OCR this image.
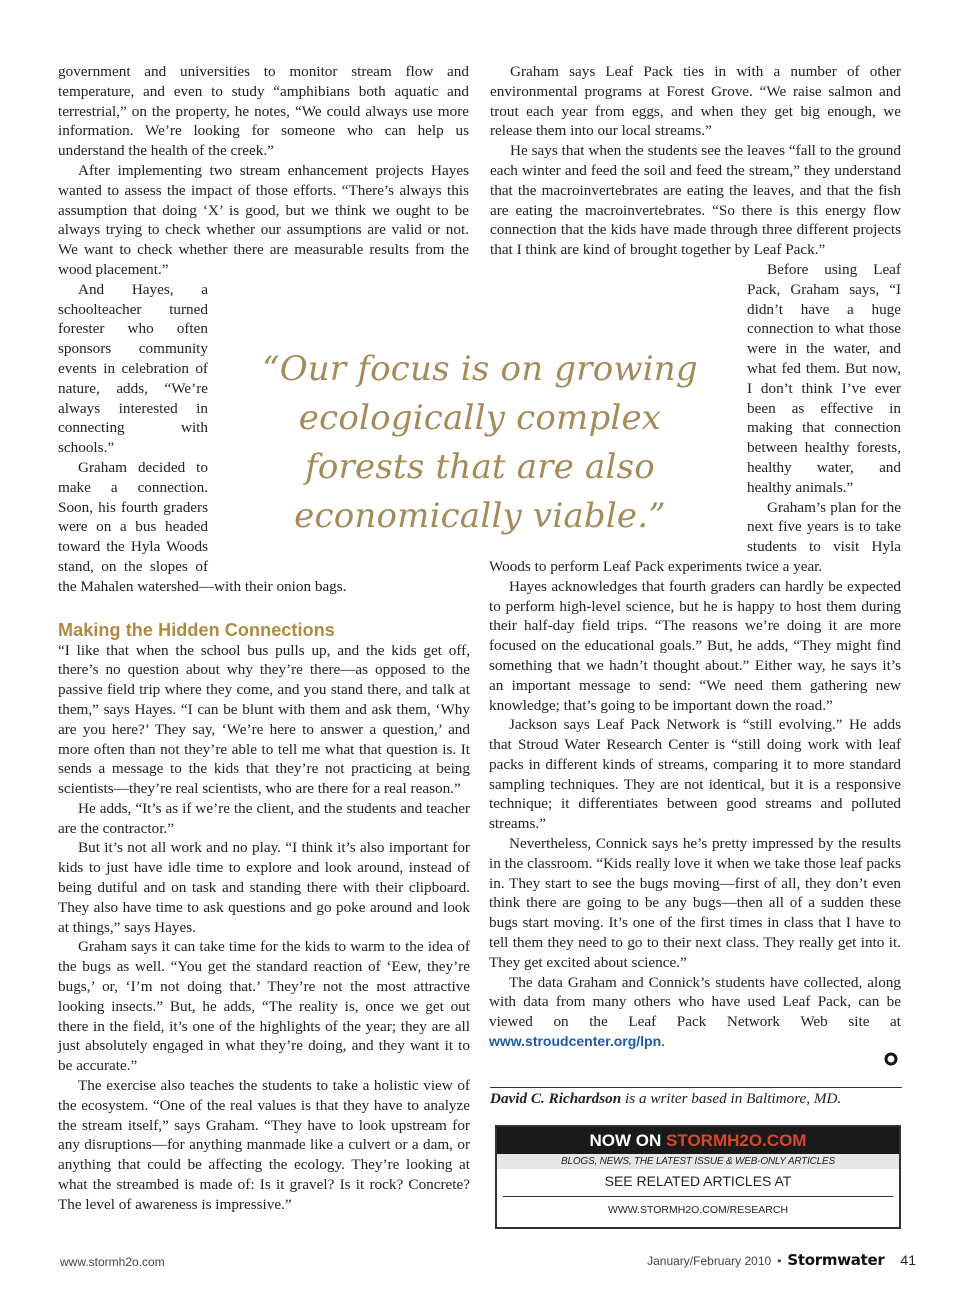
government and universities to monitor stream flow and temperature, and even to study “amphibians both aquatic and terrestrial,” on the property, he notes, “We could always use more information. We’re looking for someone who can help us understand the health of the creek.”

After implementing two stream enhancement projects Hayes wanted to assess the impact of those efforts. “There’s always this assumption that doing ‘X’ is good, but we think we ought to be always trying to check whether our assumptions are valid or not. We want to check whether there are measurable results from the wood placement.”

And Hayes, a schoolteacher turned forester who often sponsors community events in celebration of nature, adds, “We’re always interested in connecting with schools.”

Graham decided to make a connection. Soon, his fourth graders were on a bus headed toward the Hyla Woods stand, on the slopes of the Mahalen watershed—with their onion bags.

Making the Hidden Connections

“I like that when the school bus pulls up, and the kids get off, there’s no question about why they’re there—as opposed to the passive field trip where they come, and you stand there, and talk at them,” says Hayes. “I can be blunt with them and ask them, ‘Why are you here?’ They say, ‘We’re here to answer a question,’ and more often than not they’re able to tell me what that question is. It sends a message to the kids that they’re not practicing at being scientists—they’re real scientists, who are there for a real reason.”

He adds, “It’s as if we’re the client, and the students and teacher are the contractor.”

But it’s not all work and no play. “I think it’s also important for kids to just have idle time to explore and look around, instead of being dutiful and on task and standing there with their clipboard. They also have time to ask questions and go poke around and look at things,” says Hayes.

Graham says it can take time for the kids to warm to the idea of the bugs as well. “You get the standard reaction of ‘Eew, they’re bugs,’ or, ‘I’m not doing that.’ They’re not the most attractive looking insects.” But, he adds, “The reality is, once we get out there in the field, it’s one of the highlights of the year; they are all just absolutely engaged in what they’re doing, and they want it to be accurate.”

The exercise also teaches the students to take a holistic view of the ecosystem. “One of the real values is that they have to analyze the stream itself,” says Graham. “They have to look upstream for any disruptions—for anything manmade like a culvert or a dam, or anything that could be affecting the ecology. They’re looking at what the streambed is made of: Is it gravel? Is it rock? Concrete? The level of awareness is impressive.”

Graham says Leaf Pack ties in with a number of other environmental programs at Forest Grove. “We raise salmon and trout each year from eggs, and when they get big enough, we release them into our local streams.”

He says that when the students see the leaves “fall to the ground each winter and feed the soil and feed the stream,” they understand that the macroinvertebrates are eating the leaves, and that the fish are eating the macroinvertebrates. “So there is this energy flow connection that the kids have made through three different projects that I think are kind of brought together by Leaf Pack.”

Before using Leaf Pack, Graham says, “I didn’t have a huge connection to what those were in the water, and what fed them. But now, I don’t think I’ve ever been as effective in making that connection between healthy forests, healthy water, and healthy animals.”

Graham’s plan for the next five years is to take students to visit Hyla Woods to perform Leaf Pack experiments twice a year.

Hayes acknowledges that fourth graders can hardly be expected to perform high-level science, but he is happy to host them during their half-day field trips. “The reasons we’re doing it are more focused on the educational goals.” But, he adds, “They might find something that we hadn’t thought about.” Either way, he says it’s an important message to send: “We need them gathering new knowledge; that’s going to be important down the road.”

Jackson says Leaf Pack Network is “still evolving.” He adds that Stroud Water Research Center is “still doing work with leaf packs in different kinds of streams, comparing it to more standard sampling techniques. They are not identical, but it is a responsive technique; it differentiates between good streams and polluted streams.”

Nevertheless, Connick says he’s pretty impressed by the results in the classroom. “Kids really love it when we take those leaf packs in. They start to see the bugs moving—first of all, they don’t even think there are going to be any bugs—then all of a sudden these bugs start moving. It’s one of the first times in class that I have to tell them they need to go to their next class. They really get into it. They get excited about science.”

The data Graham and Connick’s students have collected, along with data from many others who have used Leaf Pack, can be viewed on the Leaf Pack Network Web site at www.stroudcenter.org/lpn.

“Our focus is on growing ecologically complex forests that are also economically viable.”
David C. Richardson is a writer based in Baltimore, MD.
NOW ON STORMH2O.COM
BLOGS, NEWS, THE LATEST ISSUE & WEB-ONLY ARTICLES
SEE RELATED ARTICLES AT
WWW.STORMH2O.COM/RESEARCH
www.stormh2o.com	January/February 2010 • Stormwater 41
